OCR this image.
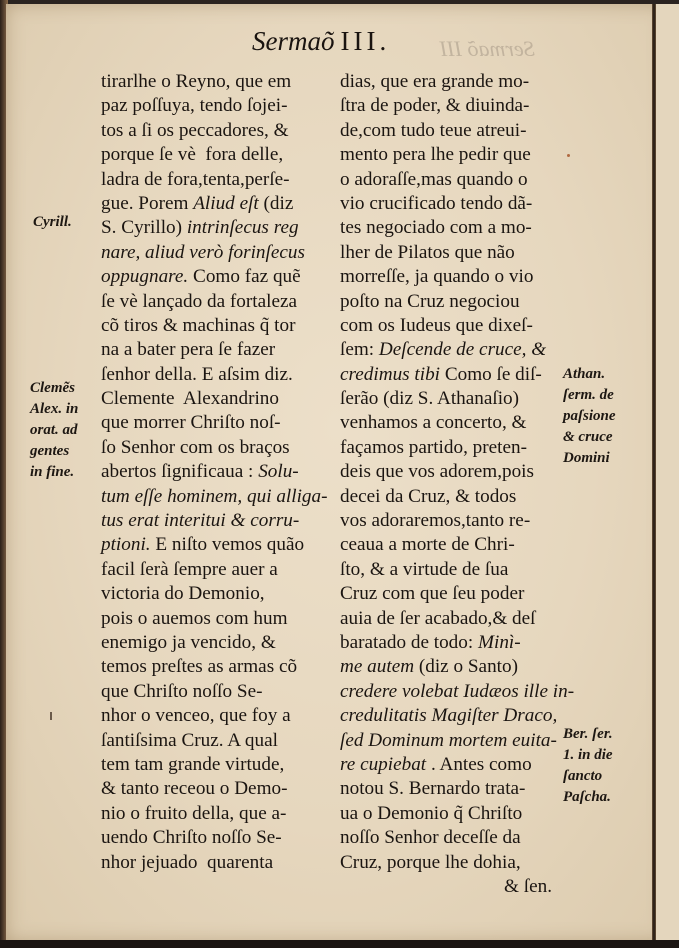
Sermaõ III
Sermaõ III.
tirarlhe o Reyno, que em
paz poſſuya, tendo ſojei-
tos a ſi os peccadores, &
porque ſe vè  fora delle,
ladra de fora,tenta,perſe-
gue. Porem Aliud eſt (diz
S. Cyrillo) intrinſecus reg
nare, aliud verò forinſecus
oppugnare. Como faz quẽ
ſe vè lançado da fortaleza
cõ tiros & machinas q̃ tor
na a bater pera ſe fazer
ſenhor della. E aſsim diz.
Clemente  Alexandrino
que morrer Chriſto noſ-
ſo Senhor com os braços
abertos ſignificaua : Solu-
tum eſſe hominem, qui alliga-
tus erat interitui & corru-
ptioni. E niſto vemos quão
facil ſerà ſempre auer a
victoria do Demonio,
pois o auemos com hum
enemigo ja vencido, &
temos preſtes as armas cõ
que Chriſto noſſo Se-
nhor o venceo, que foy a
ſantiſsima Cruz. A qual
tem tam grande virtude,
& tanto receou o Demo-
nio o fruito della, que a-
uendo Chriſto noſſo Se-
nhor jejuado  quarenta
dias, que era grande mo-
ſtra de poder, & diuinda-
de,com tudo teue atreui-
mento pera lhe pedir que
o adoraſſe,mas quando o
vio crucificado tendo dã-
tes negociado com a mo-
lher de Pilatos que não
morreſſe, ja quando o vio
poſto na Cruz negociou
com os Iudeus que dixeſ-
ſem: Deſcende de cruce, &
credimus tibi Como ſe diſ-
ſerão (diz S. Athanaſio)
venhamos a concerto, &
façamos partido, preten-
deis que vos adorem,pois
decei da Cruz, & todos
vos adoraremos,tanto re-
ceaua a morte de Chri-
ſto, & a virtude de ſua
Cruz com que ſeu poder
auia de ſer acabado,& deſ
baratado de todo: Minì-
me autem (diz o Santo)
credere volebat Iudæos ille in-
credulitatis Magiſter Draco,
ſed Dominum mortem euita-
re cupiebat . Antes como
notou S. Bernardo trata-
ua o Demonio q̃ Chriſto
noſſo Senhor deceſſe da
Cruz, porque lhe dohia,
& ſen.
Cyrill.
Clemẽs
Alex. in
orat. ad
gentes
in fine.
Athan.
ſerm. de
paſsione
& cruce
Domini
Ber. ſer.
1. in die
ſancto
Paſcha.
